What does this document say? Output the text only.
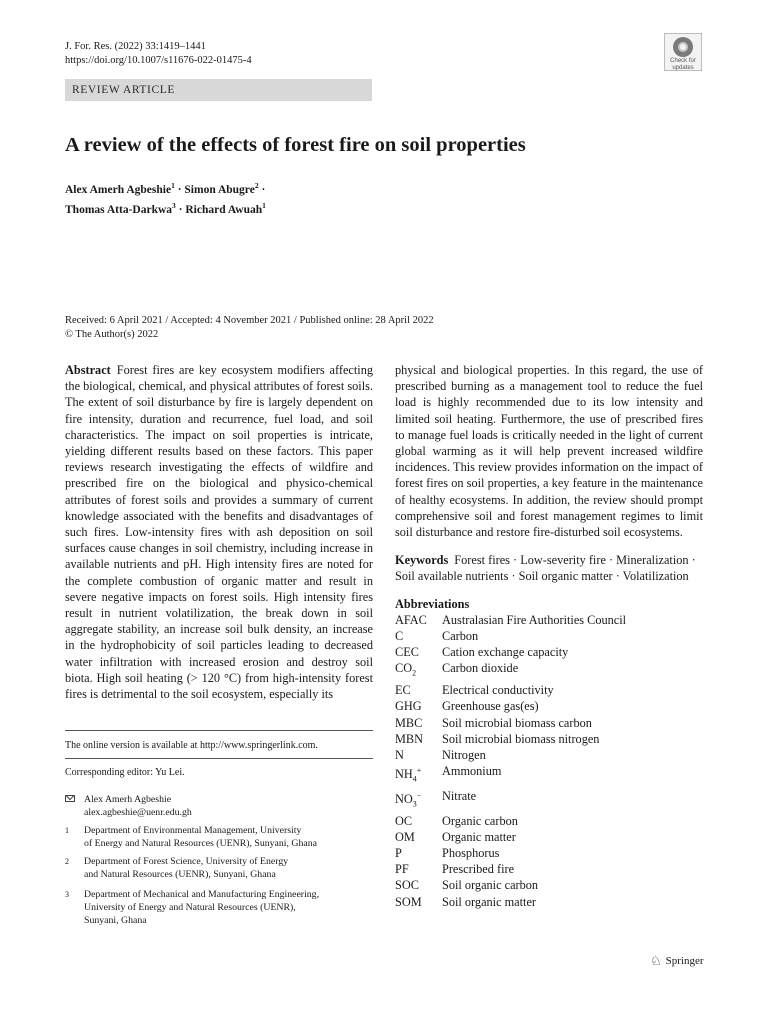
J. For. Res. (2022) 33:1419–1441
https://doi.org/10.1007/s11676-022-01475-4	Check for
updates
REVIEW ARTICLE
A review of the effects of forest fire on soil properties
Alex Amerh Agbeshie$^1$ · Simon Abugre$^2$ ·
Thomas Atta‑Darkwa$^3$ · Richard Awuah$^1$
Received: 6 April 2021 / Accepted: 4 November 2021 / Published online: 28 April 2022
© The Author(s) 2022
Abstract Forest fires are key ecosystem modifiers affecting the biological, chemical, and physical attributes of forest soils. The extent of soil disturbance by fire is largely dependent on fire intensity, duration and recurrence, fuel load, and soil characteristics. The impact on soil properties is intricate, yielding different results based on these factors. This paper reviews research investigating the effects of wildfire and prescribed fire on the biological and physico-chemical attributes of forest soils and provides a summary of current knowledge associated with the benefits and disadvantages of such fires. Low-intensity fires with ash deposition on soil surfaces cause changes in soil chemistry, including increase in available nutrients and pH. High intensity fires are noted for the complete combustion of organic matter and result in severe negative impacts on forest soils. High intensity fires result in nutrient volatilization, the break down in soil aggregate stability, an increase soil bulk density, an increase in the hydrophobicity of soil particles leading to decreased water infiltration with increased erosion and destroy soil biota. High soil heating (> 120 °C) from high-intensity forest fires is detrimental to the soil ecosystem, especially its
The online version is available at http://www.springerlink.com.
Corresponding editor: Yu Lei.
Alex Amerh Agbeshie
alex.agbeshie@uenr.edu.gh
1	Department of Environmental Management, University
of Energy and Natural Resources (UENR), Sunyani, Ghana
2	Department of Forest Science, University of Energy
and Natural Resources (UENR), Sunyani, Ghana
3	Department of Mechanical and Manufacturing Engineering,
University of Energy and Natural Resources (UENR),
Sunyani, Ghana
physical and biological properties. In this regard, the use of prescribed burning as a management tool to reduce the fuel load is highly recommended due to its low intensity and limited soil heating. Furthermore, the use of prescribed fires to manage fuel loads is critically needed in the light of current global warming as it will help prevent increased wildfire incidences. This review provides information on the impact of forest fires on soil properties, a key feature in the maintenance of healthy ecosystems. In addition, the review should prompt comprehensive soil and forest management regimes to limit soil disturbance and restore fire-disturbed soil ecosystems.
Keywords Forest fires · Low-severity fire · Mineralization · Soil available nutrients · Soil organic matter · Volatilization
Abbreviations
AFAC	Australasian Fire Authorities Council
C	Carbon
CEC	Cation exchange capacity
$CO_2$	Carbon dioxide
EC	Electrical conductivity
GHG	Greenhouse gas(es)
MBC	Soil microbial biomass carbon
MBN	Soil microbial biomass nitrogen
N	Nitrogen
$NH_4^+$	Ammonium
$NO_3^-$	Nitrate
OC	Organic carbon
OM	Organic matter
P	Phosphorus
PF	Prescribed fire
SOC	Soil organic carbon
SOM	Soil organic matter
♘ Springer
